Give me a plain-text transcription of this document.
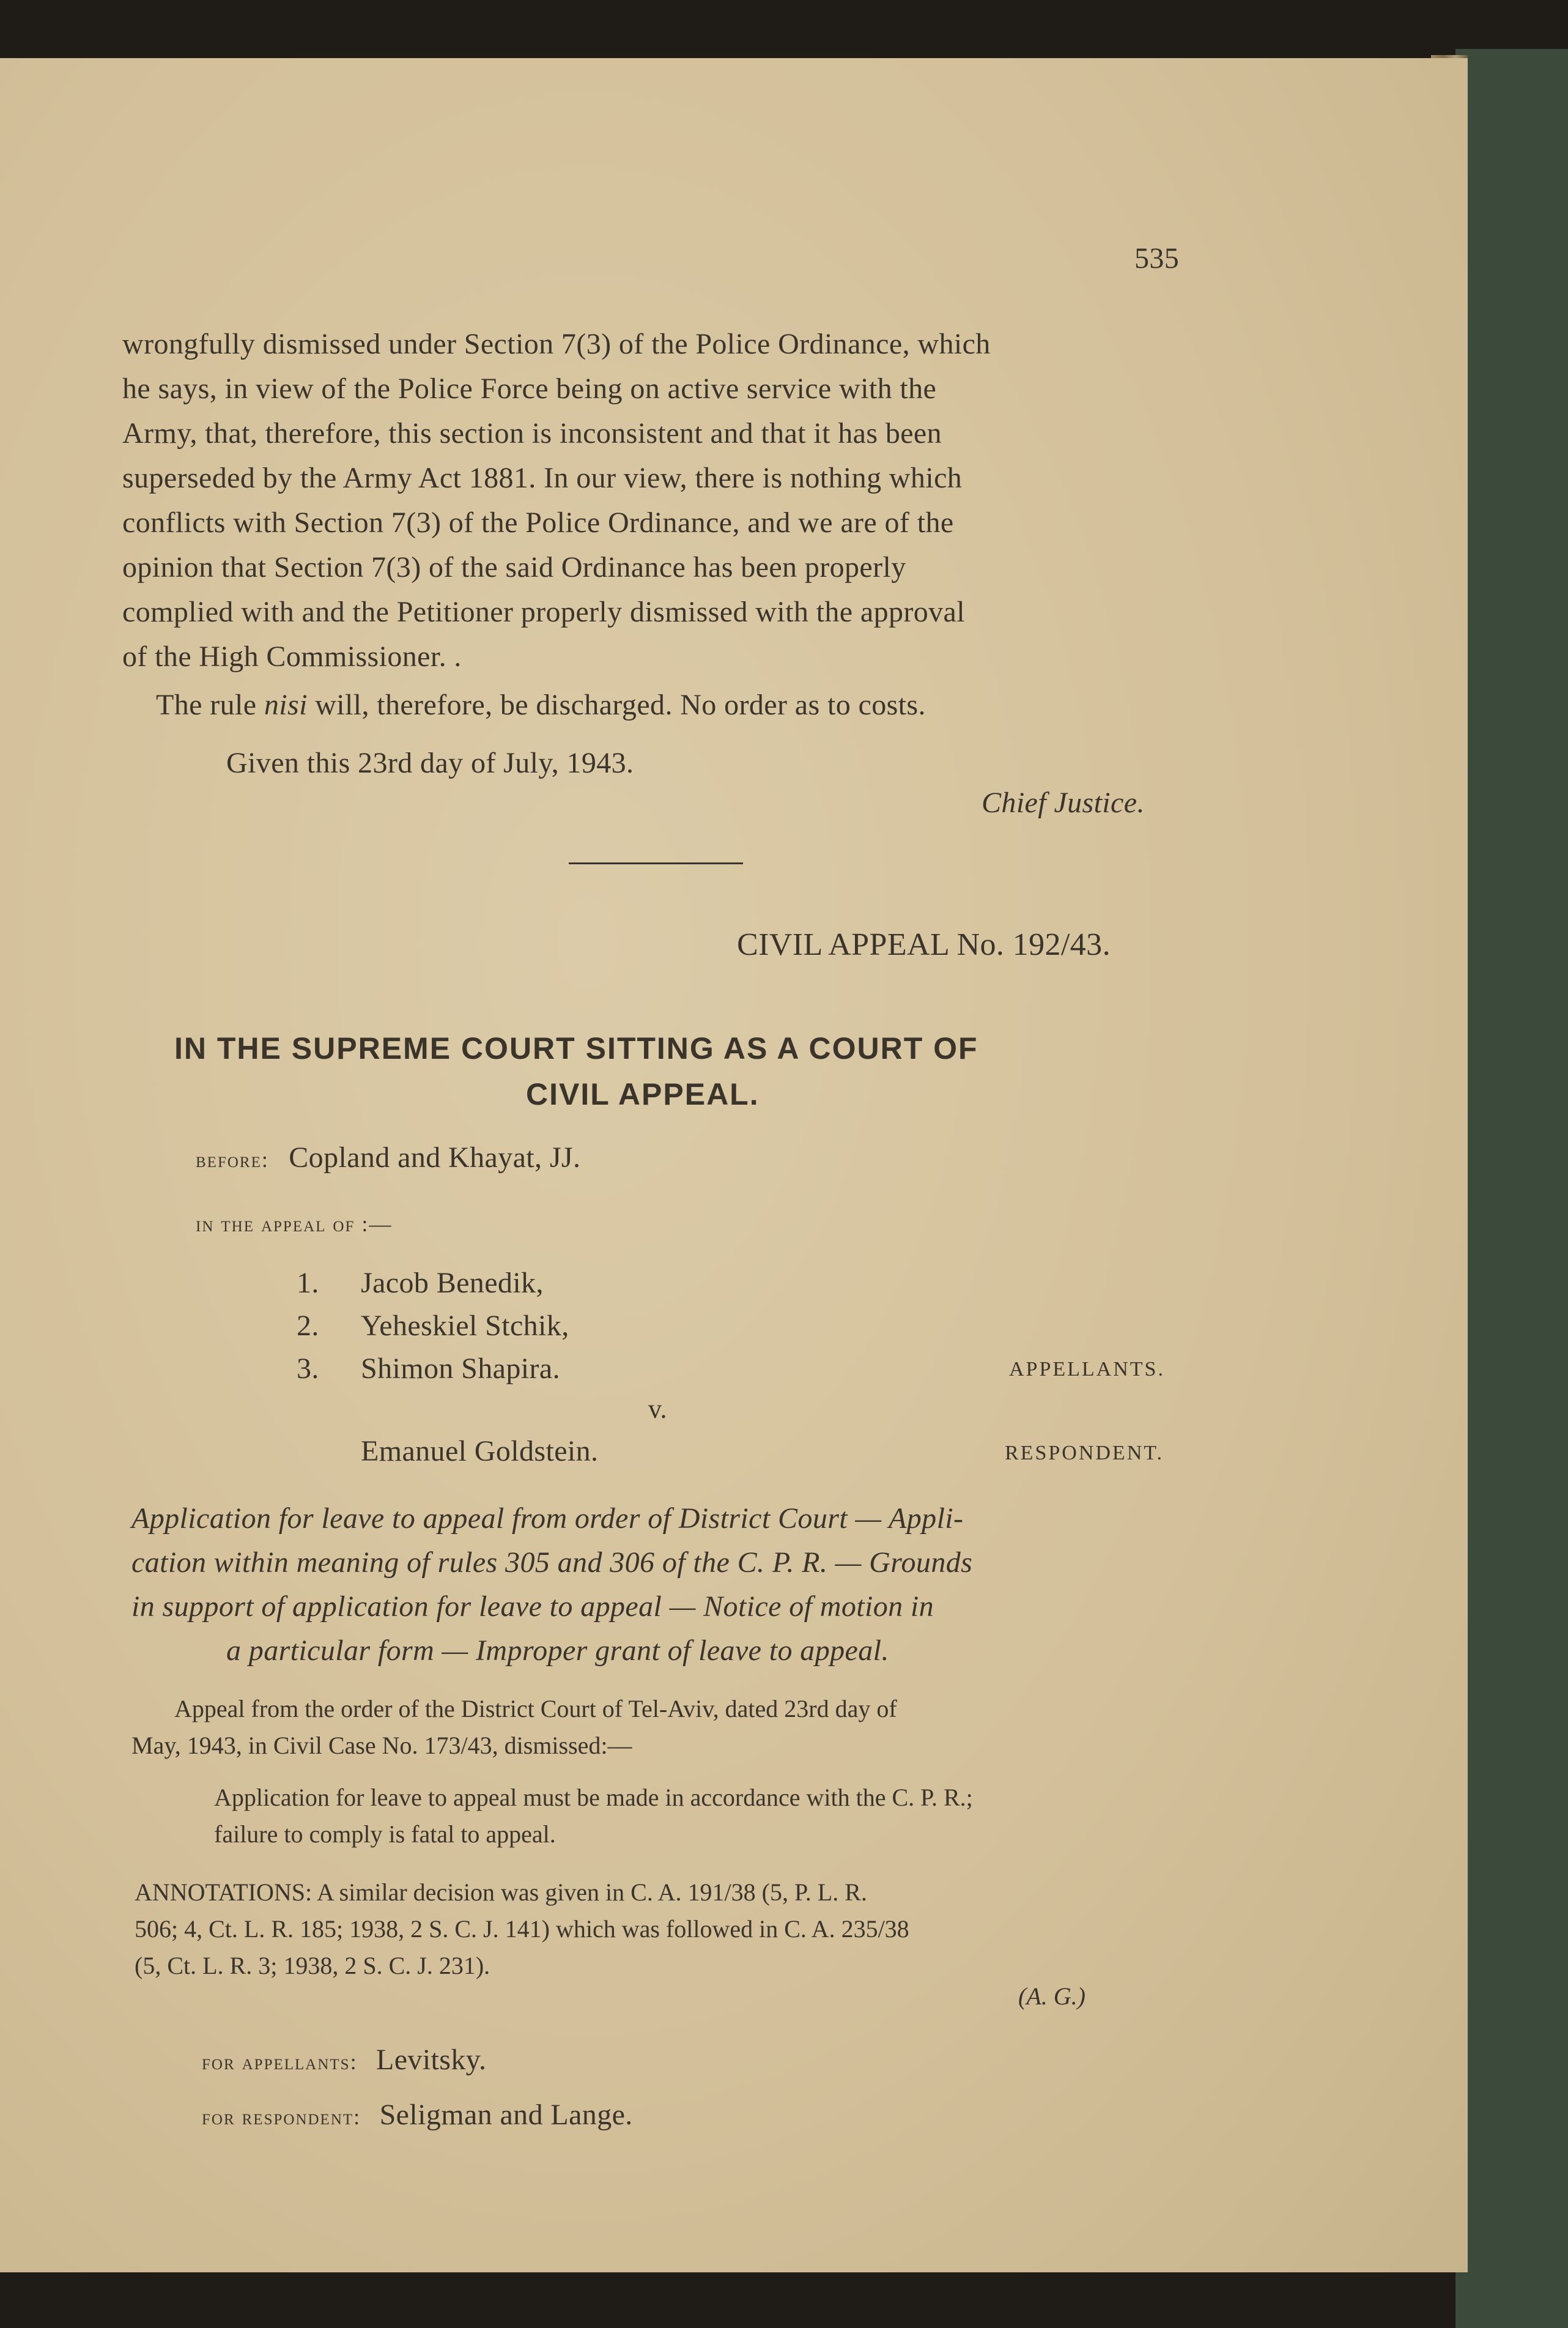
535
wrongfully dismissed under Section 7(3) of the Police Ordinance, which
he says, in view of the Police Force being on active service with the
Army, that, therefore, this section is inconsistent and that it has been
superseded by the Army Act 1881. In our view, there is nothing which
conflicts with Section 7(3) of the Police Ordinance, and we are of the
opinion that Section 7(3) of the said Ordinance has been properly
complied with and the Petitioner properly dismissed with the approval
of the High Commissioner. .
The rule nisi will, therefore, be discharged. No order as to costs.
Given this 23rd day of July, 1943.
Chief Justice.
CIVIL APPEAL No. 192/43.
IN THE SUPREME COURT SITTING AS A COURT OF
CIVIL APPEAL.
before: Copland and Khayat, JJ.
in the appeal of :—
1. Jacob Benedik,
2. Yeheskiel Stchik,
3. Shimon Shapira.	APPELLANTS.
v.
Emanuel Goldstein.	RESPONDENT.
Application for leave to appeal from order of District Court — Appli-
cation within meaning of rules 305 and 306 of the C. P. R. — Grounds
in support of application for leave to appeal — Notice of motion in
a particular form — Improper grant of leave to appeal.
Appeal from the order of the District Court of Tel-Aviv, dated 23rd day of
May, 1943, in Civil Case No. 173/43, dismissed:—
Application for leave to appeal must be made in accordance with the C. P. R.;
failure to comply is fatal to appeal.
ANNOTATIONS: A similar decision was given in C. A. 191/38 (5, P. L. R.
506; 4, Ct. L. R. 185; 1938, 2 S. C. J. 141) which was followed in C. A. 235/38
(5, Ct. L. R. 3; 1938, 2 S. C. J. 231).
(A. G.)
for appellants: Levitsky.
for respondent: Seligman and Lange.
